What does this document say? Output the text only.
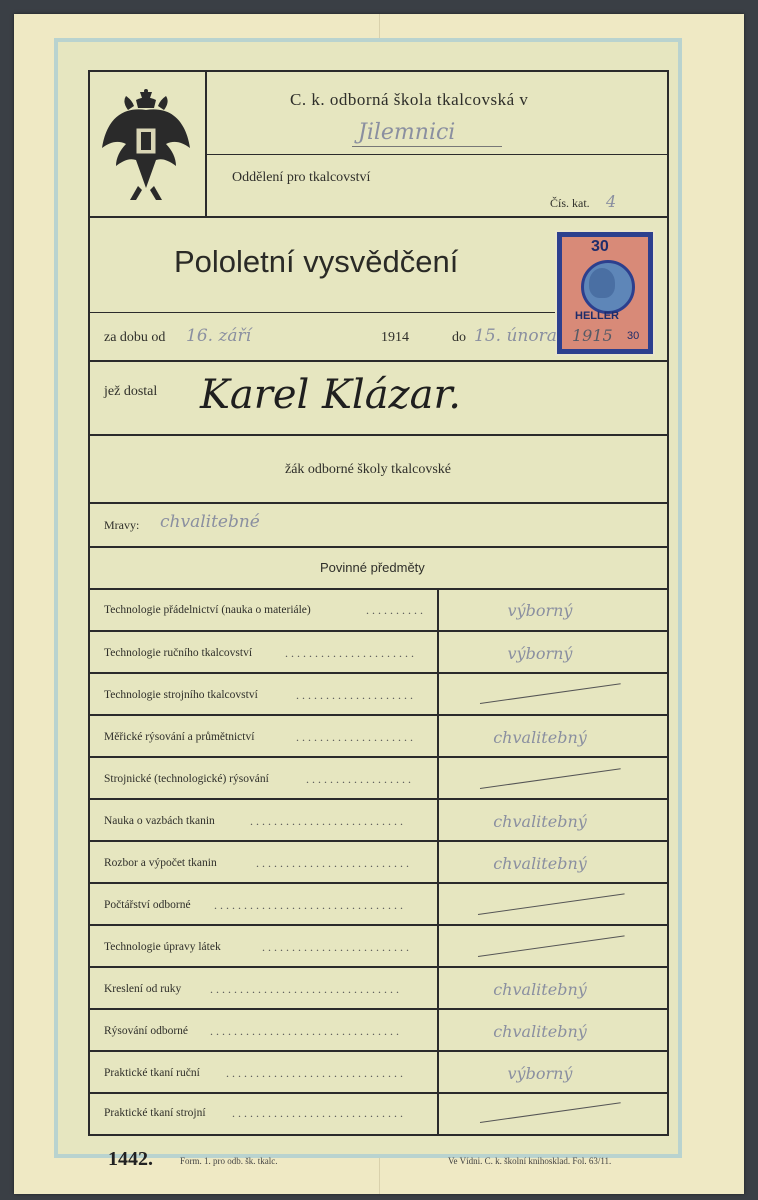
C. k. odborná škola tkalcovská v
Jilemnici
Oddělení pro tkalcovství
Čís. kat. 4
Pololetní vysvědčení	30
HELLER
30
za dobu od 16. září	1914	do 15. února 1915
jež dostal Karel Klázar.
žák odborné školy tkalcovské
Mravy: chvalitebné
Povinné předměty
Technologie přádelnictví (nauka o materiále)	..........	výborný
Technologie ručního tkalcovství	......................	výborný
Technologie strojního tkalcovství	....................
Měřické rýsování a průmětnictví	....................	chvalitebný
Strojnické (technologické) rýsování	..................
Nauka o vazbách tkanin	..........................	chvalitebný
Rozbor a výpočet tkanin	..........................	chvalitebný
Počtářství odborné ................................
Technologie úpravy látek	.........................
Kreslení od ruky ................................	chvalitebný
Rýsování odborné ................................	chvalitebný
Praktické tkaní ruční ..............................	výborný
Praktické tkaní strojní .............................
1442.	Form. 1. pro odb. šk. tkalc.	Ve Vídni. C. k. školní knihosklad. Fol. 63/11.
